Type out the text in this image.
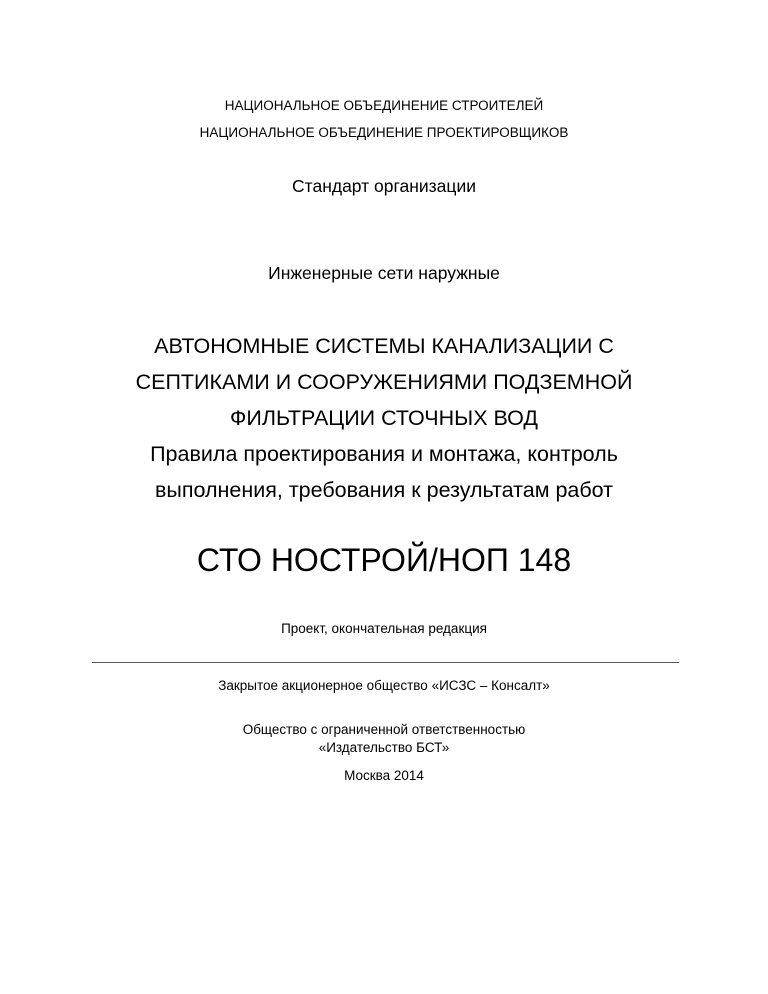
НАЦИОНАЛЬНОЕ ОБЪЕДИНЕНИЕ СТРОИТЕЛЕЙ

НАЦИОНАЛЬНОЕ ОБЪЕДИНЕНИЕ ПРОЕКТИРОВЩИКОВ

Стандарт организации

Инженерные сети наружные

АВТОНОМНЫЕ СИСТЕМЫ КАНАЛИЗАЦИИ С

СЕПТИКАМИ И СООРУЖЕНИЯМИ ПОДЗЕМНОЙ

ФИЛЬТРАЦИИ СТОЧНЫХ ВОД

Правила проектирования и монтажа, контроль

выполнения, требования к результатам работ

СТО НОСТРОЙ/НОП 148

Проект, окончательная редакция

Закрытое акционерное общество «ИСЗС – Консалт»

Общество с ограниченной ответственностью

«Издательство БСТ»

Москва 2014
